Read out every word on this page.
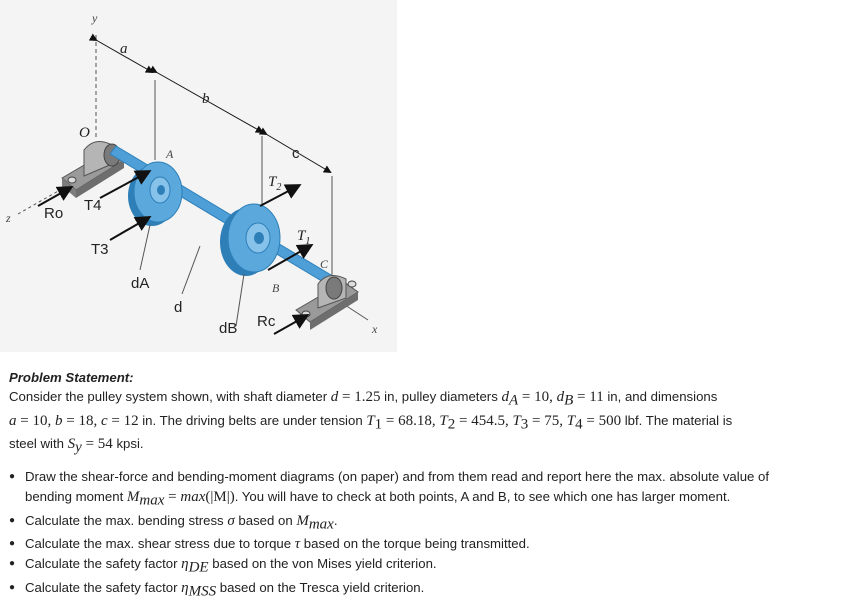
y
z
x
a
b
c
O
A
B
C
T4
T3
Ro
Rc
dA
d
dB
$T_2$
$T_1$
Problem Statement:
Consider the pulley system shown, with shaft diameter d = 1.25 in, pulley diameters $d_A = 10$, $d_B = 11$ in, and dimensions
a = 10, b = 18, c = 12 in. The driving belts are under tension $T_1 = 68.18$, $T_2 = 454.5$, $T_3 = 75$, $T_4 = 500$ lbf. The material is
steel with $S_y = 54$ kpsi.
● Draw the shear-force and bending-moment diagrams (on paper) and from them read and report here the max. absolute value of
bending moment $M_{max} = \max(|M|)$. You will have to check at both points, A and B, to see which one has larger moment.
● Calculate the max. bending stress σ based on $M_{max}$.
● Calculate the max. shear stress due to torque τ based on the torque being transmitted.
● Calculate the safety factor $\eta_{DE}$ based on the von Mises yield criterion.
● Calculate the safety factor $\eta_{MSS}$ based on the Tresca yield criterion.
